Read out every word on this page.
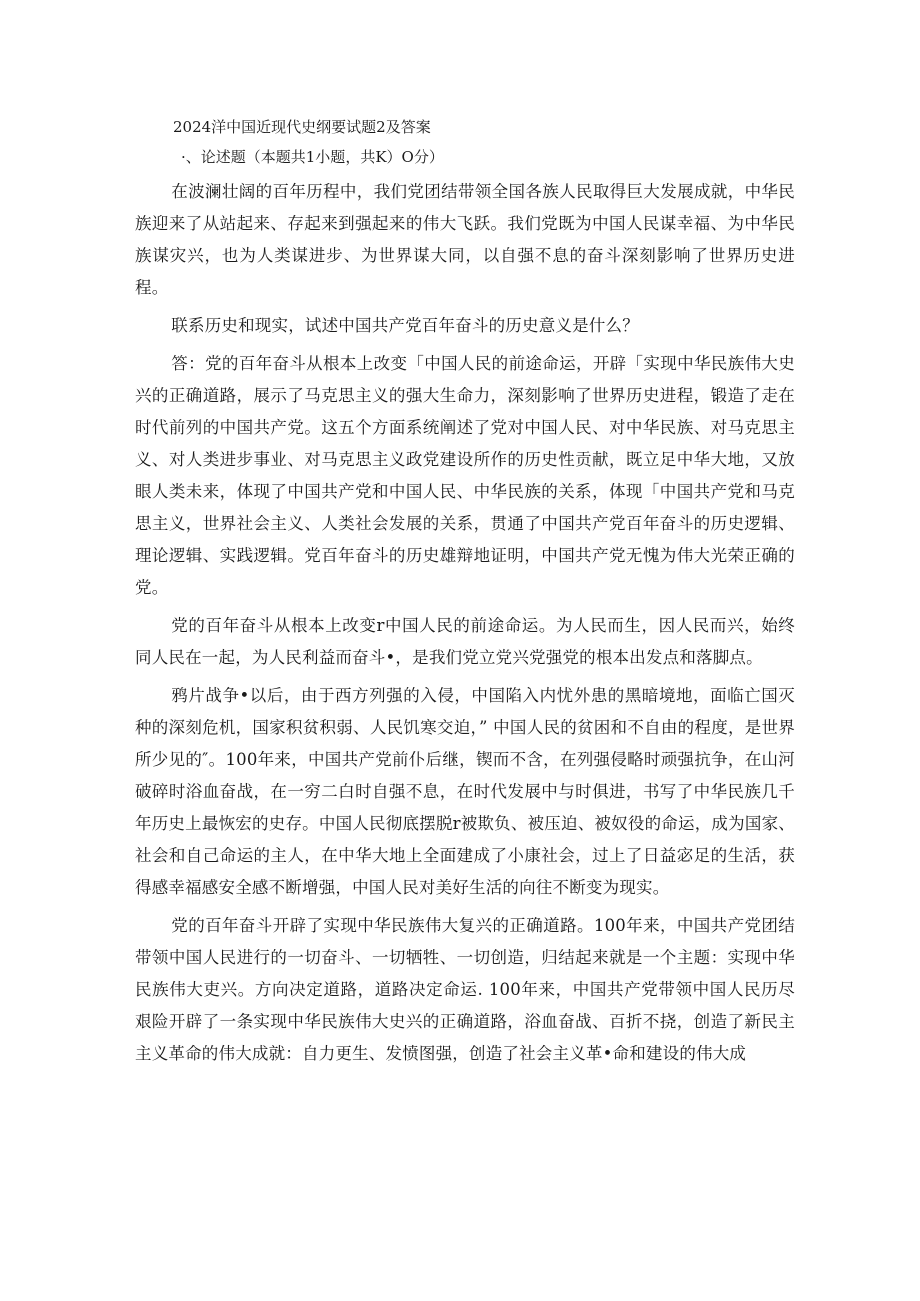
2024洋中国近现代史纲要试题2及答案
·、论述题（本题共1小题，共K）O分）

在波澜壮阔的百年历程中，我们党团结带领全国各族人民取得巨大发展成就，中华民族迎来了从站起来、存起来到强起来的伟大飞跃。我们党既为中国人民谋幸福、为中华民族谋灾兴，也为人类谋进步、为世界谋大同，以自强不息的奋斗深刻影响了世界历史进程。

联系历史和现实，试述中国共产党百年奋斗的历史意义是什么？

答：党的百年奋斗从根本上改变「中国人民的前途命运，开辟「实现中华民族伟大史兴的正确道路，展示了马克思主义的强大生命力，深刻影响了世界历史进程，锻造了走在时代前列的中国共产党。这五个方面系统阐述了党对中国人民、对中华民族、对马克思主义、对人类进步事业、对马克思主义政党建设所作的历史性贡献，既立足中华大地，又放眼人类未来，体现了中国共产党和中国人民、中华民族的关系，体现「中国共产党和马克思主义，世界社会主义、人类社会发展的关系，贯通了中国共产党百年奋斗的历史逻辑、理论逻辑、实践逻辑。党百年奋斗的历史雄辩地证明，中国共产党无愧为伟大光荣正确的党。

党的百年奋斗从根本上改变r中国人民的前途命运。为人民而生，因人民而兴，始终同人民在一起，为人民利益而奋斗•，是我们党立党兴党强党的根本出发点和落脚点。

鸦片战争•以后，由于西方列强的入侵，中国陷入内忧外患的黑暗境地，面临亡国灭种的深刻危机，国家积贫积弱、人民饥寒交迫，” 中国人民的贫困和不自由的程度，是世界所少见的″。100年来，中国共产党前仆后继，锲而不含，在列强侵略时顽强抗争，在山河破碎时浴血奋战，在一穷二白时自强不息，在时代发展中与时俱进，书写了中华民族几千年历史上最恢宏的史存。中国人民彻底摆脱r被欺负、被压迫、被奴役的命运，成为国家、社会和自己命运的主人，在中华大地上全面建成了小康社会，过上了日益宓足的生活，获得感幸福感安全感不断增强，中国人民对美好生活的向往不断变为现实。

党的百年奋斗开辟了实现中华民族伟大复兴的正确道路。100年来，中国共产党团结带领中国人民进行的一切奋斗、一切牺牲、一切创造，归结起来就是一个主题：实现中华民族伟大吏兴。方向决定道路，道路决定命运. 100年来，中国共产党带领中国人民历尽艰险开辟了一条实现中华民族伟大史兴的正确道路，浴血奋战、百折不挠，创造了新民主主义革命的伟大成就：自力更生、发愤图强，创造了社会主义革•命和建设的伟大成
